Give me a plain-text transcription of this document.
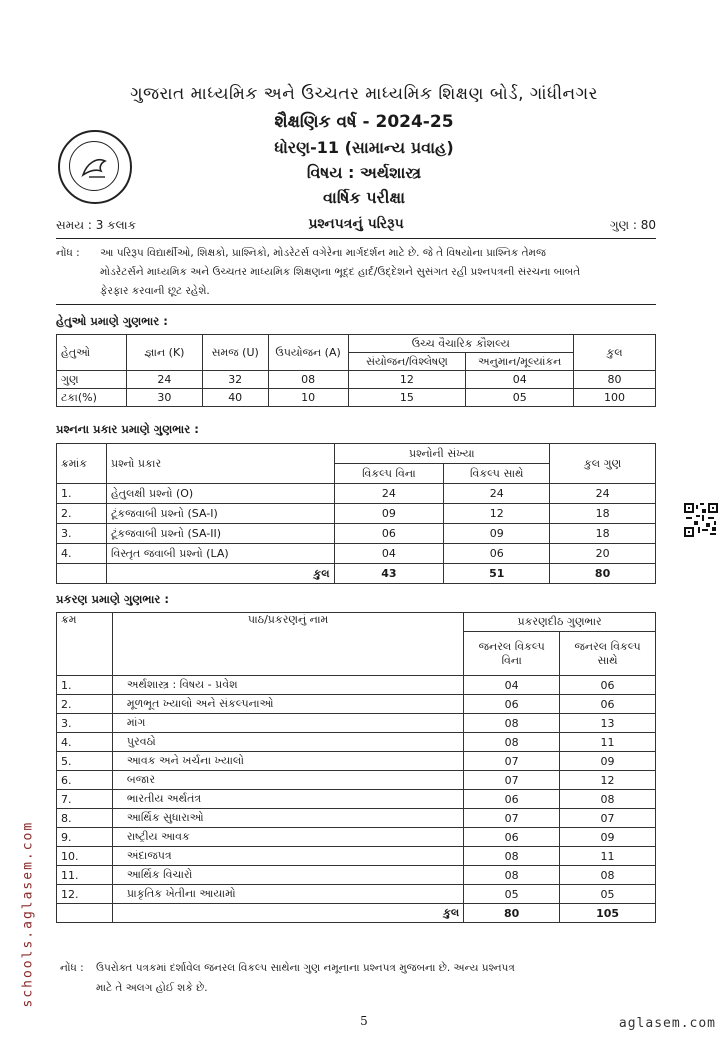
ગુજરાત માધ્યમિક અને ઉચ્ચતર માધ્યમિક શિક્ષણ બોર્ડ, ગાંધીનગર
શૈક્ષણિક વર્ષ - 2024-25
ધોરણ-11 (સામાન્ય પ્રવાહ)
વિષય : અર્થશાસ્ત્ર
વાર્ષિક પરીક્ષા
સમય : 3 કલાક	પ્રશ્નપત્રનું પરિરૂપ	ગુણ : 80
નોંધ : આ પરિરૂપ વિદ્યાર્થીઓ, શિક્ષકો, પ્રાશ્નિકો, મોડરેટર્સ વગેરેના માર્ગદર્શન માટે છે. જે તે વિષયોના પ્રાશ્નિક તેમજ
મોડરેટર્સને માધ્યમિક અને ઉચ્ચતર માધ્યમિક શિક્ષણના ભૂદ્દ હાર્દ/ઉદ્દેશને સુસંગત રહી પ્રશ્નપત્રની સંરચના બાબતે
ફેરફાર કરવાની છૂટ રહેશે.
હેતુઓ પ્રમાણે ગુણભાર :
હેતુઓ	જ્ઞાન (K)	સમજ (U)	ઉપયોજન (A)	ઉચ્ચ વૈચારિક કૌશલ્ય		કુલ
				સંયોજન/વિશ્લેષણ	અનુમાન/મૂલ્યાંકન	
ગુણ	24	32	08	12	04	80
ટકા(%)	30	40	10	15	05	100
પ્રશ્નના પ્રકાર પ્રમાણે ગુણભાર :
ક્રમાંક	પ્રશ્નો પ્રકાર	પ્રશ્નોની સંખ્યા		કુલ ગુણ
		વિકલ્પ વિના	વિકલ્પ સાથે	
1.	હેતુલક્ષી પ્રશ્નો (O)	24	24	24
2.	ટૂંકજવાબી પ્રશ્નો (SA-I)	09	12	18
3.	ટૂંકજવાબી પ્રશ્નો (SA-II)	06	09	18
4.	વિસ્તૃત જવાબી પ્રશ્નો (LA)	04	06	20
	કુલ	43	51	80
પ્રકરણ પ્રમાણે ગુણભાર :
ક્રમ	પાઠ/પ્રકરણનું નામ	પ્રકરણદીઠ ગુણભાર	
		જનરલ વિકલ્પ વિના	જનરલ વિકલ્પ સાથે
1.	અર્થશાસ્ત્ર : વિષય - પ્રવેશ	04	06
2.	મૂળભૂત ખ્યાલો અને સંકલ્પનાઓ	06	06
3.	માંગ	08	13
4.	પુરવઠો	08	11
5.	આવક અને ખર્ચના ખ્યાલો	07	09
6.	બજાર	07	12
7.	ભારતીય અર્થતંત્ર	06	08
8.	આર્થિક સુધારાઓ	07	07
9.	રાષ્ટ્રીય આવક	06	09
10.	અંદાજપત્ર	08	11
11.	આર્થિક વિચારો	08	08
12.	પ્રાકૃતિક ખેતીના આયામો	05	05
	કુલ	80	105
નોંધ : ઉપરોક્ત પત્રકમાં દર્શાવેલ જનરલ વિકલ્પ સાથેના ગુણ નમૂનાના પ્રશ્નપત્ર મુજબના છે. અન્ય પ્રશ્નપત્ર
માટે તે અલગ હોઈ શકે છે.
5	aglasem.com
schools.aglasem.com
